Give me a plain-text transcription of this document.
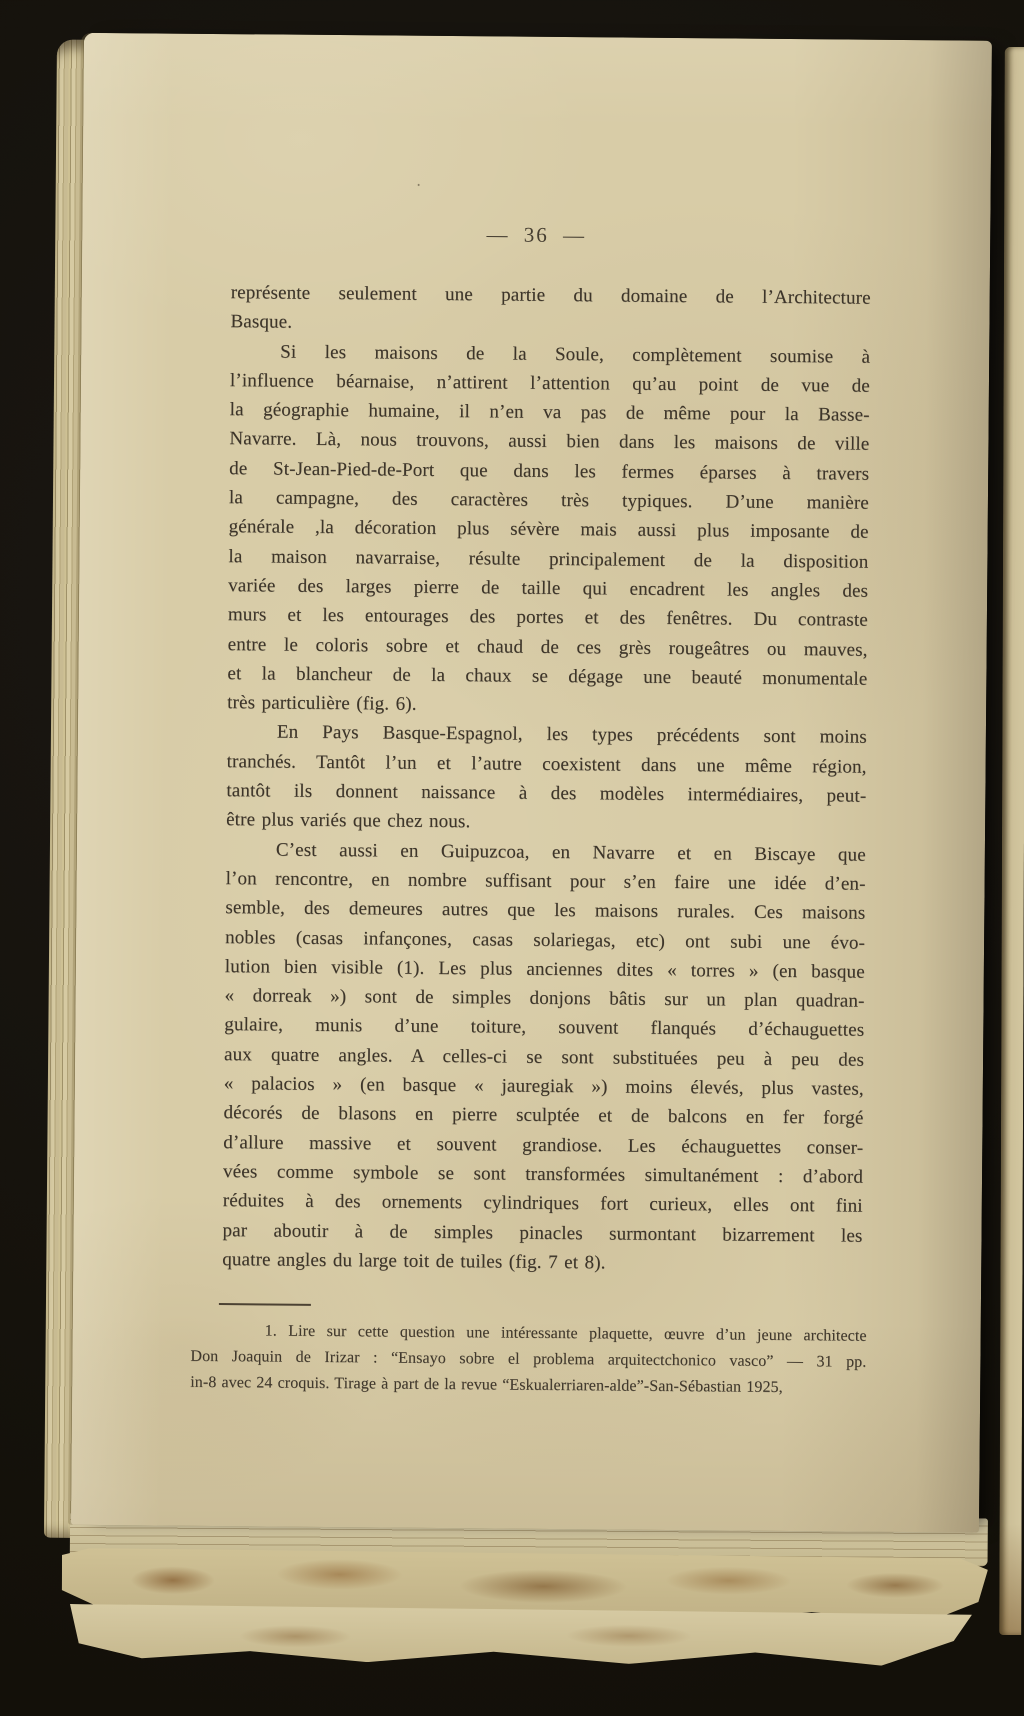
— 36 —
représente seulement une partie du domaine de l’Architecture
Basque.
Si les maisons de la Soule, complètement soumise à
l’influence béarnaise, n’attirent l’attention qu’au point de vue de
la géographie humaine, il n’en va pas de même pour la Basse-
Navarre. Là, nous trouvons, aussi bien dans les maisons de ville
de St-Jean-Pied-de-Port que dans les fermes éparses à travers
la campagne, des caractères très typiques. D’une manière
générale ,la décoration plus sévère mais aussi plus imposante de
la maison navarraise, résulte principalement de la disposition
variée des larges pierre de taille qui encadrent les angles des
murs et les entourages des portes et des fenêtres. Du contraste
entre le coloris sobre et chaud de ces grès rougeâtres ou mauves,
et la blancheur de la chaux se dégage une beauté monumentale
très particulière (fig. 6).
En Pays Basque-Espagnol, les types précédents sont moins
tranchés. Tantôt l’un et l’autre coexistent dans une même région,
tantôt ils donnent naissance à des modèles intermédiaires, peut-
être plus variés que chez nous.
C’est aussi en Guipuzcoa, en Navarre et en Biscaye que
l’on rencontre, en nombre suffisant pour s’en faire une idée d’en-
semble, des demeures autres que les maisons rurales. Ces maisons
nobles (casas infançones, casas solariegas, etc) ont subi une évo-
lution bien visible (1). Les plus anciennes dites « torres » (en basque
« dorreak ») sont de simples donjons bâtis sur un plan quadran-
gulaire, munis d’une toiture, souvent flanqués d’échauguettes
aux quatre angles. A celles-ci se sont substituées peu à peu des
« palacios » (en basque « jauregiak ») moins élevés, plus vastes,
décorés de blasons en pierre sculptée et de balcons en fer forgé
d’allure massive et souvent grandiose. Les échauguettes conser-
vées comme symbole se sont transformées simultanément : d’abord
réduites à des ornements cylindriques fort curieux, elles ont fini
par aboutir à de simples pinacles surmontant bizarrement les
quatre angles du large toit de tuiles (fig. 7 et 8).
1. Lire sur cette question une intéressante plaquette, œuvre d’un jeune architecte
Don Joaquin de Irizar : “Ensayo sobre el problema arquitectchonico vasco” — 31 pp.
in-8 avec 24 croquis. Tirage à part de la revue “Eskualerriaren-alde”-San-Sébastian 1925,
